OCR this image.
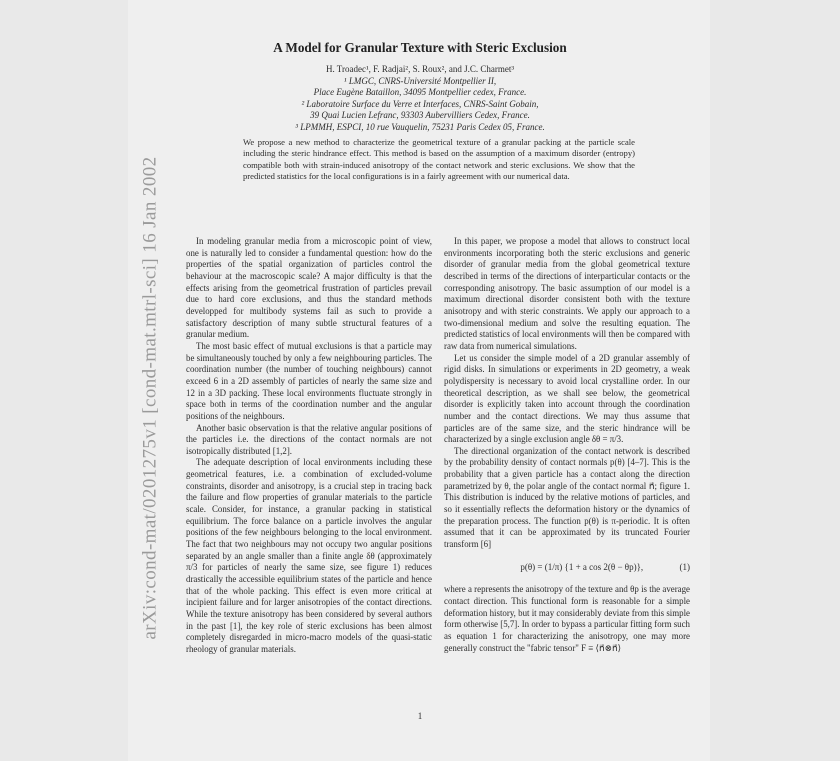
arXiv:cond-mat/0201275v1 [cond-mat.mtrl-sci] 16 Jan 2002
A Model for Granular Texture with Steric Exclusion
H. Troadec¹, F. Radjai², S. Roux², and J.C. Charmet³
¹ LMGC, CNRS-Université Montpellier II,
Place Eugène Bataillon, 34095 Montpellier cedex, France.
² Laboratoire Surface du Verre et Interfaces, CNRS-Saint Gobain,
39 Quai Lucien Lefranc, 93303 Aubervilliers Cedex, France.
³ LPMMH, ESPCI, 10 rue Vauquelin, 75231 Paris Cedex 05, France.
We propose a new method to characterize the geometrical texture of a granular packing at the particle scale including the steric hindrance effect. This method is based on the assumption of a maximum disorder (entropy) compatible both with strain-induced anisotropy of the contact network and steric exclusions. We show that the predicted statistics for the local configurations is in a fairly agreement with our numerical data.

In modeling granular media from a microscopic point of view, one is naturally led to consider a fundamental question: how do the properties of the spatial organization of particles control the behaviour at the macroscopic scale? A major difficulty is that the effects arising from the geometrical frustration of particles prevail due to hard core exclusions, and thus the standard methods developped for multibody systems fail as such to provide a satisfactory description of many subtle structural features of a granular medium.

The most basic effect of mutual exclusions is that a particle may be simultaneously touched by only a few neighbouring particles. The coordination number (the number of touching neighbours) cannot exceed 6 in a 2D assembly of particles of nearly the same size and 12 in a 3D packing. These local environments fluctuate strongly in space both in terms of the coordination number and the angular positions of the neighbours.

Another basic observation is that the relative angular positions of the particles i.e. the directions of the contact normals are not isotropically distributed [1,2].

The adequate description of local environments including these geometrical features, i.e. a combination of excluded-volume constraints, disorder and anisotropy, is a crucial step in tracing back the failure and flow properties of granular materials to the particle scale. Consider, for instance, a granular packing in statistical equilibrium. The force balance on a particle involves the angular positions of the few neighbours belonging to the local environment. The fact that two neighbours may not occupy two angular positions separated by an angle smaller than a finite angle δθ (approximately π/3 for particles of nearly the same size, see figure 1) reduces drastically the accessible equilibrium states of the particle and hence that of the whole packing. This effect is even more critical at incipient failure and for larger anisotropies of the contact directions. While the texture anisotropy has been considered by several authors in the past [1], the key role of steric exclusions has been almost completely disregarded in micro-macro models of the quasi-static rheology of granular materials.

In this paper, we propose a model that allows to construct local environments incorporating both the steric exclusions and generic disorder of granular media from the global geometrical texture described in terms of the directions of interparticular contacts or the corresponding anisotropy. The basic assumption of our model is a maximum directional disorder consistent both with the texture anisotropy and with steric constraints. We apply our approach to a two-dimensional medium and solve the resulting equation. The predicted statistics of local environments will then be compared with raw data from numerical simulations.

Let us consider the simple model of a 2D granular assembly of rigid disks. In simulations or experiments in 2D geometry, a weak polydispersity is necessary to avoid local crystalline order. In our theoretical description, as we shall see below, the geometrical disorder is explicitly taken into account through the coordination number and the contact directions. We may thus assume that particles are of the same size, and the steric hindrance will be characterized by a single exclusion angle δθ = π/3.

The directional organization of the contact network is described by the probability density of contact normals p(θ) [4–7]. This is the probability that a given particle has a contact along the direction parametrized by θ, the polar angle of the contact normal n⃗; figure 1. This distribution is induced by the relative motions of particles, and so it essentially reflects the deformation history or the dynamics of the preparation process. The function p(θ) is π-periodic. It is often assumed that it can be approximated by its truncated Fourier transform [6]

p(θ) = (1/π) {1 + a cos 2(θ − θp)},	(1)

where a represents the anisotropy of the texture and θp is the average contact direction. This functional form is reasonable for a simple deformation history, but it may considerably deviate from this simple form otherwise [5,7]. In order to bypass a particular fitting form such as equation 1 for characterizing the anisotropy, one may more generally construct the "fabric tensor" F ≡ ⟨n⃗⊗n⃗⟩

1
